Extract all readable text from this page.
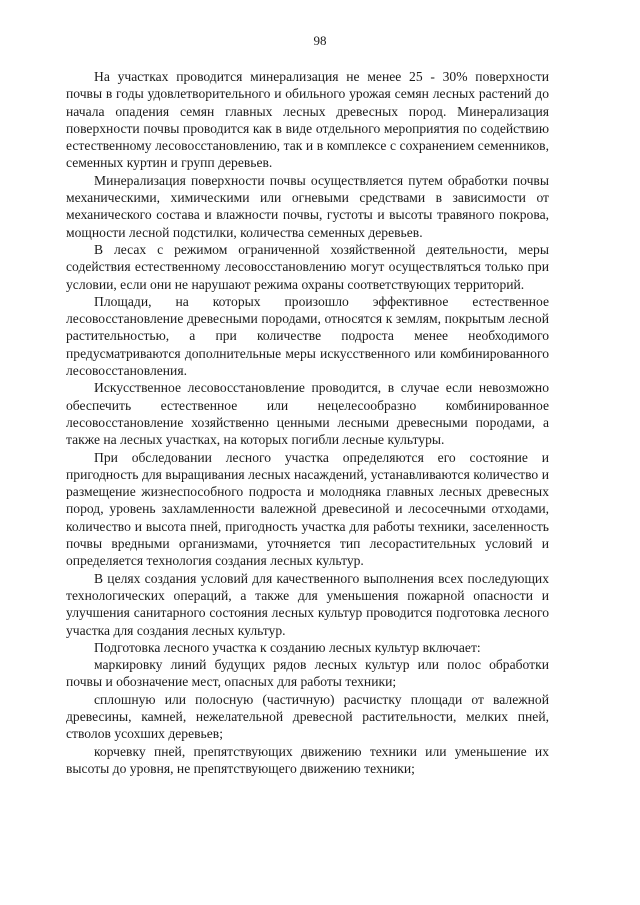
98

На участках проводится минерализация не менее 25 - 30% поверхности почвы в годы удовлетворительного и обильного урожая семян лесных растений до начала опадения семян главных лесных древесных пород. Минерализация поверхности почвы проводится как в виде отдельного мероприятия по содействию естественному лесовосстановлению, так и в комплексе с сохранением семенников, семенных куртин и групп деревьев.

Минерализация поверхности почвы осуществляется путем обработки почвы механическими, химическими или огневыми средствами в зависимости от механического состава и влажности почвы, густоты и высоты травяного покрова, мощности лесной подстилки, количества семенных деревьев.

В лесах с режимом ограниченной хозяйственной деятельности, меры содействия естественному лесовосстановлению могут осуществляться только при условии, если они не нарушают режима охраны соответствующих территорий.

Площади, на которых произошло эффективное естественное лесовосстановление древесными породами, относятся к землям, покрытым лесной растительностью, а при количестве подроста менее необходимого предусматриваются дополнительные меры искусственного или комбинированного лесовосстановления.

Искусственное лесовосстановление проводится, в случае если невозможно обеспечить естественное или нецелесообразно комбинированное лесовосстановление хозяйственно ценными лесными древесными породами, а также на лесных участках, на которых погибли лесные культуры.

При обследовании лесного участка определяются его состояние и пригодность для выращивания лесных насаждений, устанавливаются количество и размещение жизнеспособного подроста и молодняка главных лесных древесных пород, уровень захламленности валежной древесиной и лесосечными отходами, количество и высота пней, пригодность участка для работы техники, заселенность почвы вредными организмами, уточняется тип лесорастительных условий и определяется технология создания лесных культур.

В целях создания условий для качественного выполнения всех последующих технологических операций, а также для уменьшения пожарной опасности и улучшения санитарного состояния лесных культур проводится подготовка лесного участка для создания лесных культур.

Подготовка лесного участка к созданию лесных культур включает:

маркировку линий будущих рядов лесных культур или полос обработки почвы и обозначение мест, опасных для работы техники;

сплошную или полосную (частичную) расчистку площади от валежной древесины, камней, нежелательной древесной растительности, мелких пней, стволов усохших деревьев;

корчевку пней, препятствующих движению техники или уменьшение их высоты до уровня, не препятствующего движению техники;
